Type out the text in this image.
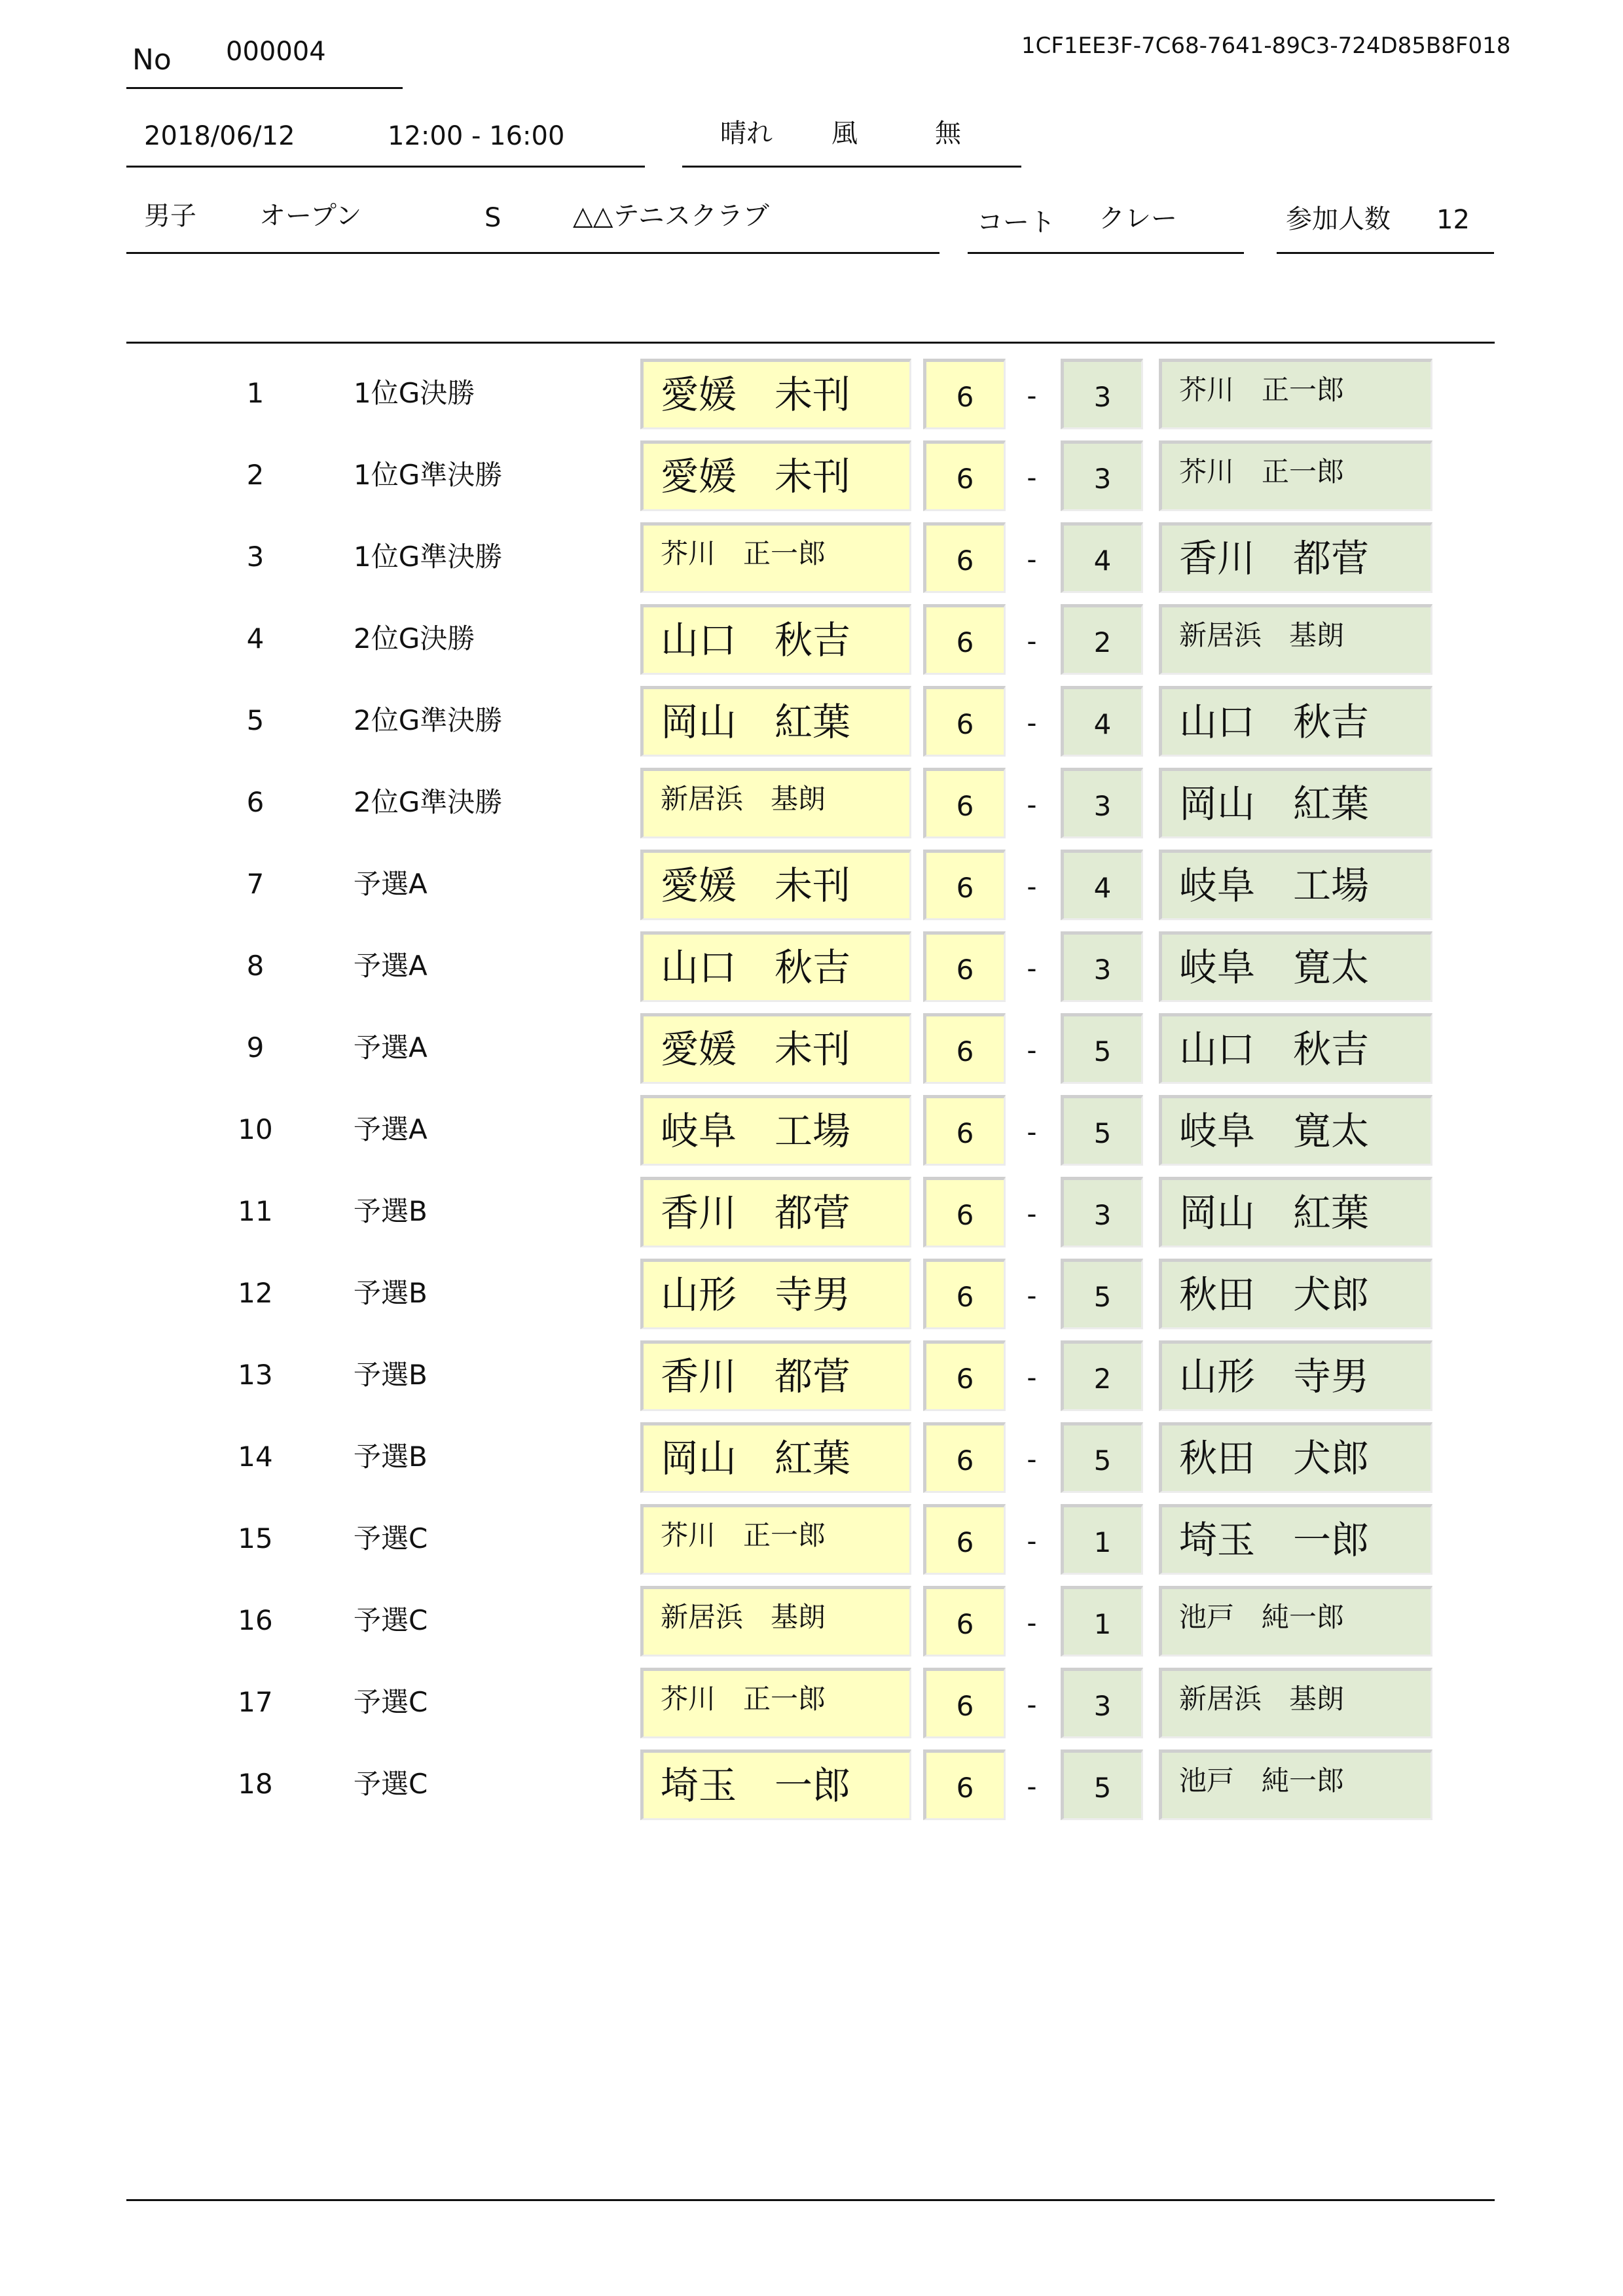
No 000004	1CF1EE3F-7C68-7641-89C3-724D85B8F018
2018/06/12	12:00 - 16:00	晴れ 風	無
男子 オープン	S	△△テニスクラブ	コート クレー	参加人数 12
1	1位G決勝	愛媛　未刊	6	-	3	芥川　正一郎
2	1位G準決勝	愛媛　未刊	6	-	3	芥川　正一郎
3	1位G準決勝	芥川　正一郎	6	-	4	香川　都菅
4	2位G決勝	山口　秋吉	6	-	2	新居浜　基朗
5	2位G準決勝	岡山　紅葉	6	-	4	山口　秋吉
6	2位G準決勝	新居浜　基朗	6	-	3	岡山　紅葉
7	予選A	愛媛　未刊	6	-	4	岐阜　工場
8	予選A	山口　秋吉	6	-	3	岐阜　寛太
9	予選A	愛媛　未刊	6	-	5	山口　秋吉
10	予選A	岐阜　工場	6	-	5	岐阜　寛太
11	予選B	香川　都菅	6	-	3	岡山　紅葉
12	予選B	山形　寺男	6	-	5	秋田　犬郎
13	予選B	香川　都菅	6	-	2	山形　寺男
14	予選B	岡山　紅葉	6	-	5	秋田　犬郎
15	予選C	芥川　正一郎	6	-	1	埼玉　一郎
16	予選C	新居浜　基朗	6	-	1	池戸　純一郎
17	予選C	芥川　正一郎	6	-	3	新居浜　基朗
18	予選C	埼玉　一郎	6	-	5	池戸　純一郎
